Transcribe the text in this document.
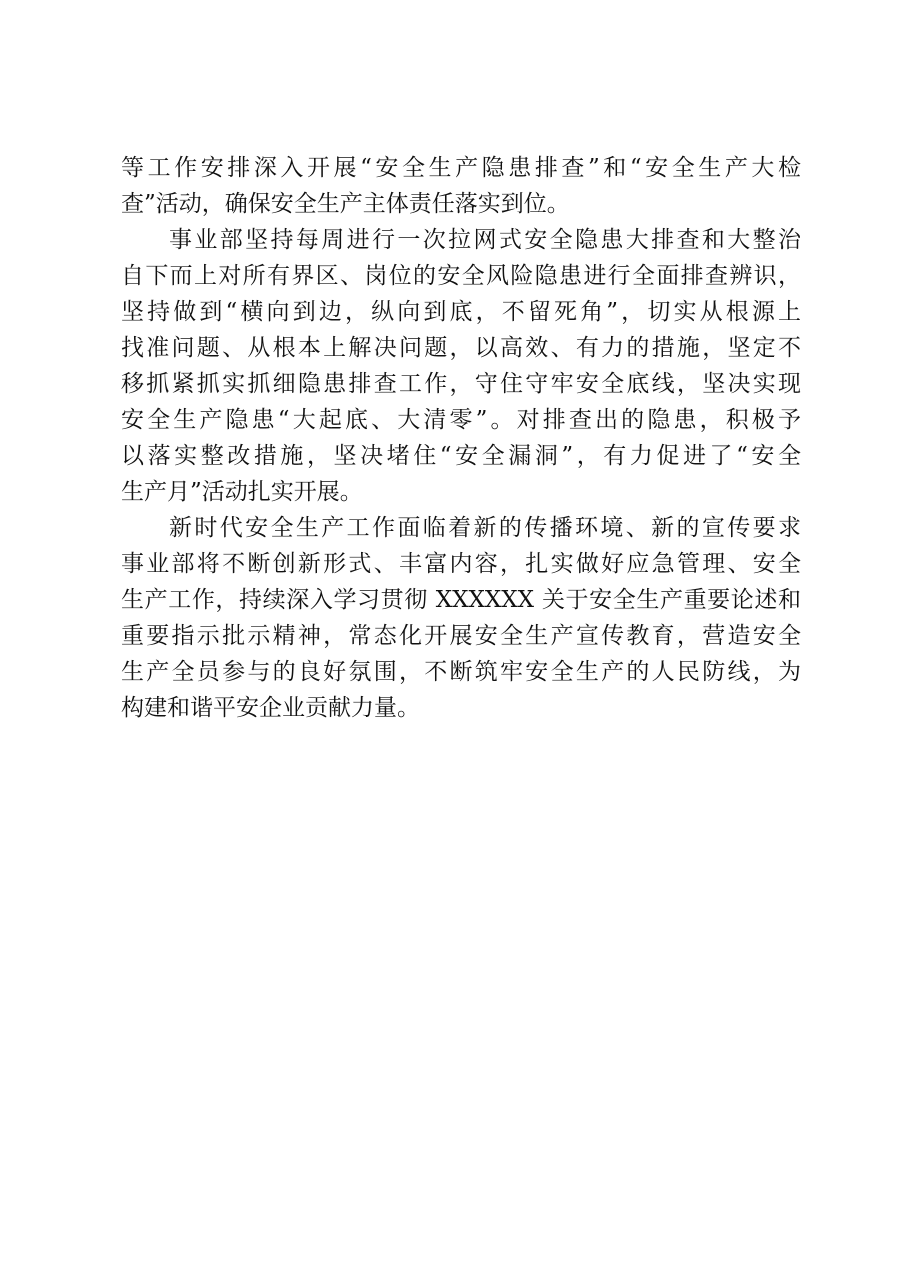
等工作安排深入开展“安全生产隐患排查”和“安全生产大检
查”活动，确保安全生产主体责任落实到位。
事业部坚持每周进行一次拉网式安全隐患大排查和大整治
自下而上对所有界区、岗位的安全风险隐患进行全面排查辨识，
坚持做到“横向到边，纵向到底，不留死角”，切实从根源上
找准问题、从根本上解决问题，以高效、有力的措施，坚定不
移抓紧抓实抓细隐患排查工作，守住守牢安全底线，坚决实现
安全生产隐患“大起底、大清零”。对排查出的隐患，积极予
以落实整改措施，坚决堵住“安全漏洞”，有力促进了“安全
生产月”活动扎实开展。
新时代安全生产工作面临着新的传播环境、新的宣传要求
事业部将不断创新形式、丰富内容，扎实做好应急管理、安全
生产工作，持续深入学习贯彻 XXXXXX 关于安全生产重要论述和
重要指示批示精神，常态化开展安全生产宣传教育，营造安全
生产全员参与的良好氛围，不断筑牢安全生产的人民防线，为
构建和谐平安企业贡献力量。
